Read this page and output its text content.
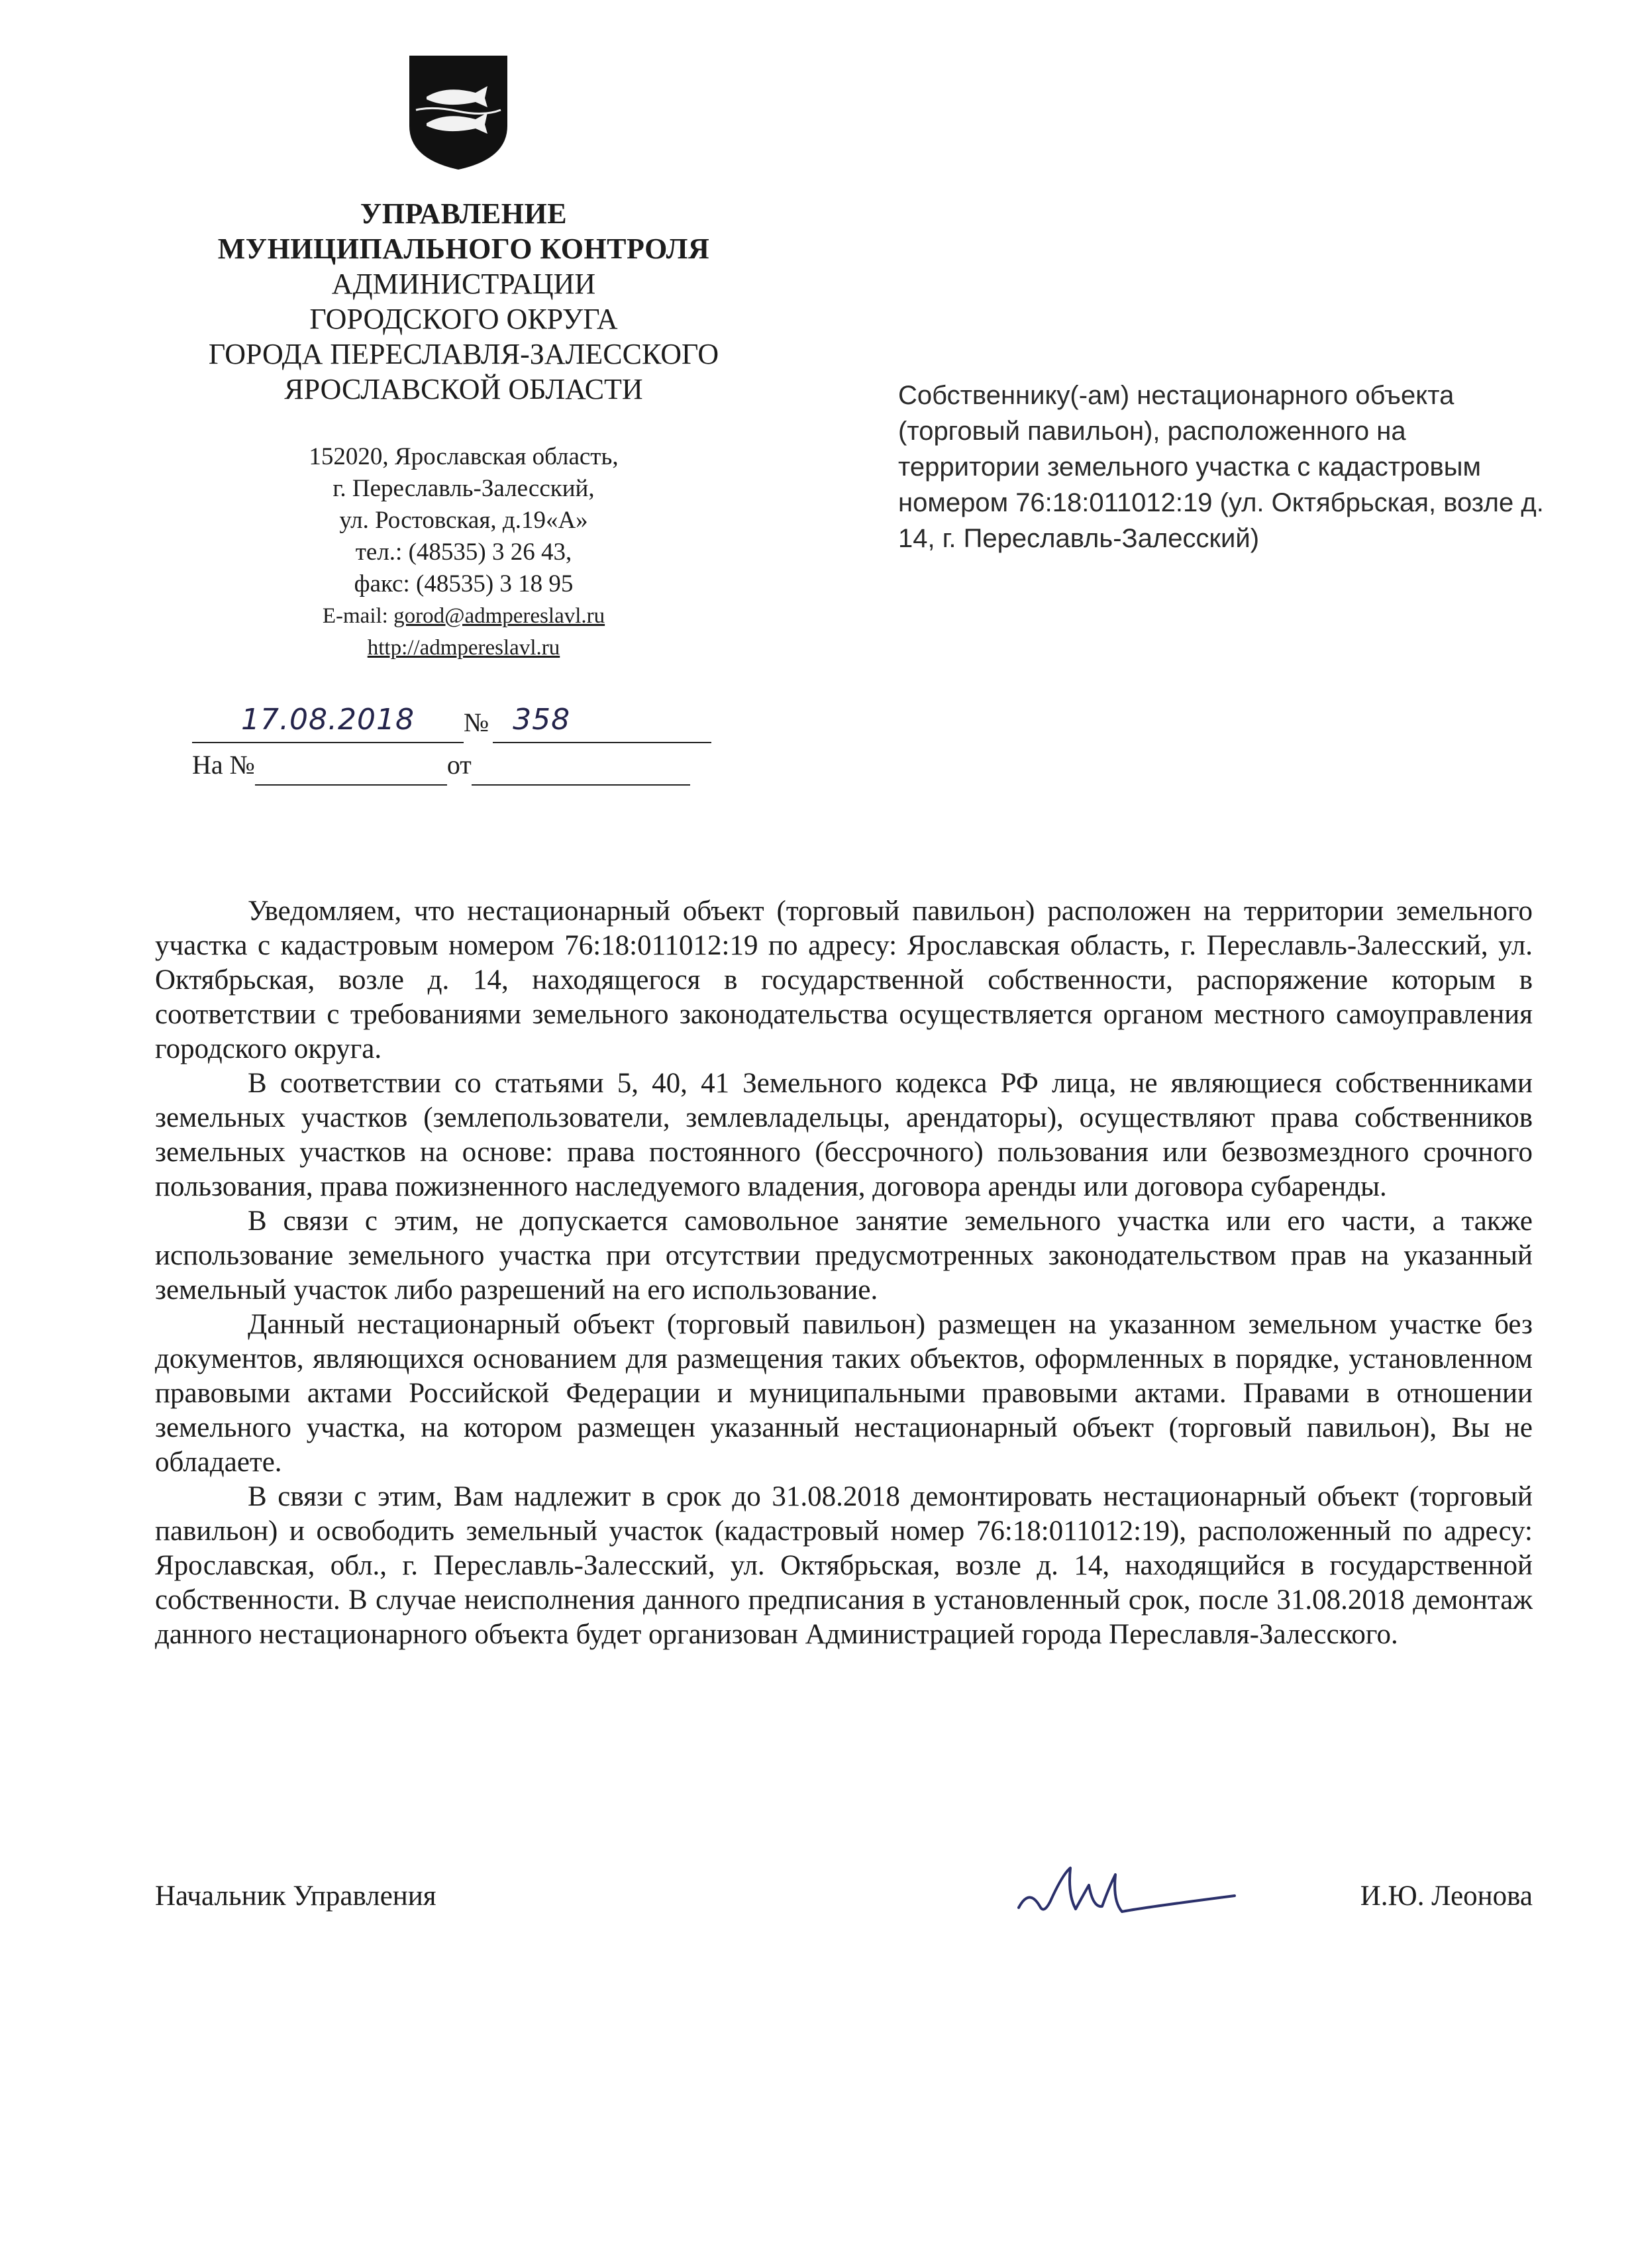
УПРАВЛЕНИЕ
МУНИЦИПАЛЬНОГО КОНТРОЛЯ
АДМИНИСТРАЦИИ
ГОРОДСКОГО ОКРУГА
ГОРОДА ПЕРЕСЛАВЛЯ-ЗАЛЕССКОГО
ЯРОСЛАВСКОЙ ОБЛАСТИ
152020, Ярославская область,
г. Переславль-Залесский,
ул. Ростовская, д.19«А»
тел.: (48535) 3 26 43,
факс: (48535) 3 18 95
E-mail: gorod@admpereslavl.ru
http://admpereslavl.ru
17.08.2018	№ 358
На №	от
Собственнику(-ам) нестационарного объекта (торговый павильон), расположенного на территории земельного участка с кадастровым номером 76:18:011012:19 (ул. Октябрьская, возле д. 14, г. Переславль-Залесский)

Уведомляем, что нестационарный объект (торговый павильон) расположен на территории земельного участка с кадастровым номером 76:18:011012:19 по адресу: Ярославская область, г. Переславль-Залесский, ул. Октябрьская, возле д. 14, находящегося в государственной собственности, распоряжение которым в соответствии с требованиями земельного законодательства осуществляется органом местного самоуправления городского округа.

В соответствии со статьями 5, 40, 41 Земельного кодекса РФ лица, не являющиеся собственниками земельных участков (землепользователи, землевладельцы, арендаторы), осуществляют права собственников земельных участков на основе: права постоянного (бессрочного) пользования или безвозмездного срочного пользования, права пожизненного наследуемого владения, договора аренды или договора субаренды.

В связи с этим, не допускается самовольное занятие земельного участка или его части, а также использование земельного участка при отсутствии предусмотренных законодательством прав на указанный земельный участок либо разрешений на его использование.

Данный нестационарный объект (торговый павильон) размещен на указанном земельном участке без документов, являющихся основанием для размещения таких объектов, оформленных в порядке, установленном правовыми актами Российской Федерации и муниципальными правовыми актами. Правами в отношении земельного участка, на котором размещен указанный нестационарный объект (торговый павильон), Вы не обладаете.

В связи с этим, Вам надлежит в срок до 31.08.2018 демонтировать нестационарный объект (торговый павильон) и освободить земельный участок (кадастровый номер 76:18:011012:19), расположенный по адресу: Ярославская, обл., г. Переславль-Залесский, ул. Октябрьская, возле д. 14, находящийся в государственной собственности. В случае неисполнения данного предписания в установленный срок, после 31.08.2018 демонтаж данного нестационарного объекта будет организован Администрацией города Переславля-Залесского.

Начальник Управления	И.Ю. Леонова
